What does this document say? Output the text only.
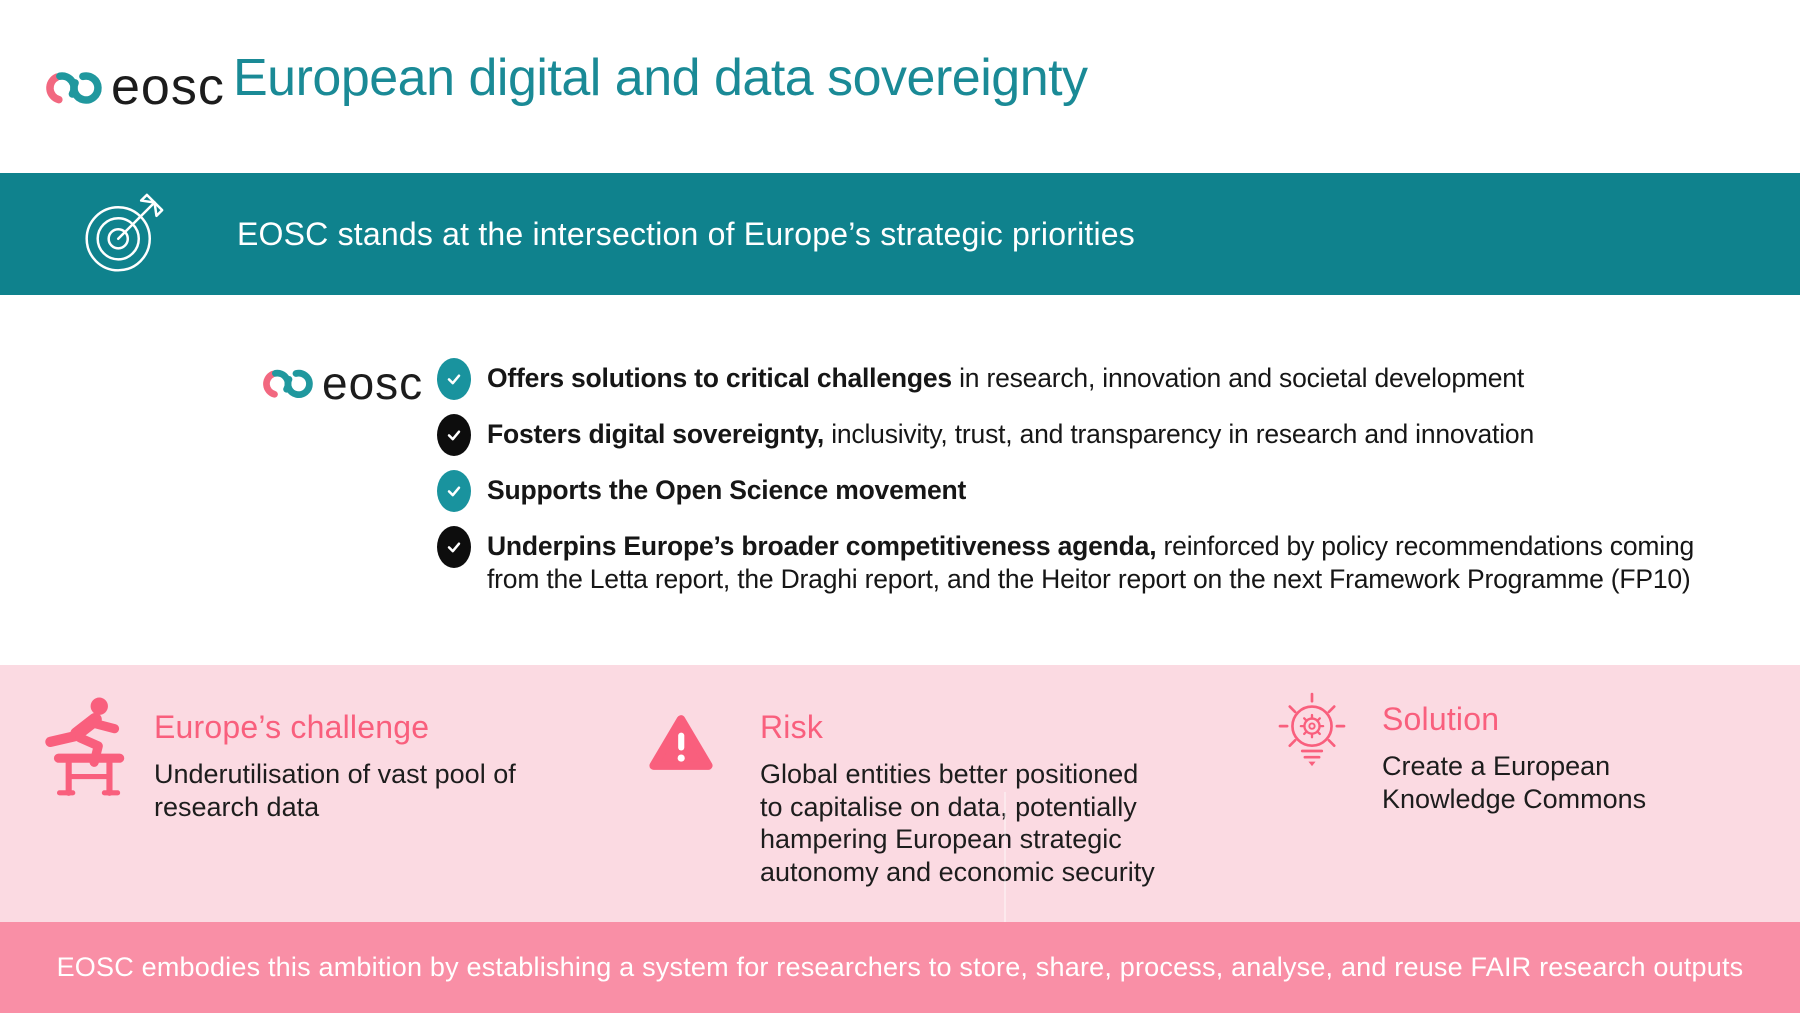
eosc European digital and data sovereignty
EOSC stands at the intersection of Europe’s strategic priorities
eosc Offers solutions to critical challenges in research, innovation and societal development

Fosters digital sovereignty, inclusivity, trust, and transparency in research and innovation

Supports the Open Science movement

Underpins Europe’s broader competitiveness agenda, reinforced by policy recommendations coming from the Letta report, the Draghi report, and the Heitor report on the next Framework Programme (FP10)

Europe’s challenge

Underutilisation of vast pool of research data

Risk

Global entities better positioned to capitalise on data, potentially hampering European strategic autonomy and economic security

Solution

Create a European Knowledge Commons

EOSC embodies this ambition by establishing a system for researchers to store, share, process, analyse, and reuse FAIR research outputs
